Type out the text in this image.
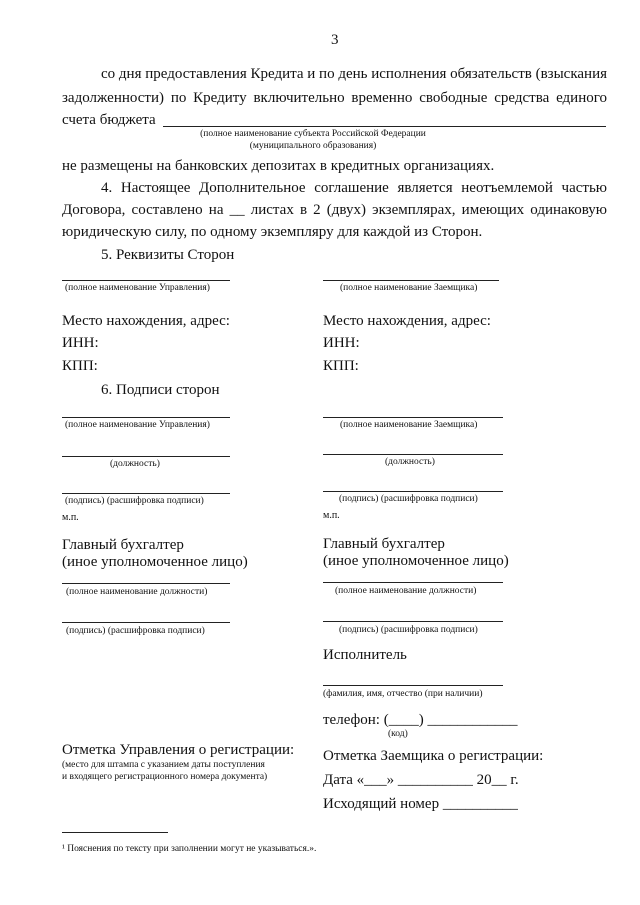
3
со дня предоставления Кредита и по день исполнения обязательств (взыскания
задолженности) по Кредиту включительно временно свободные средства единого
счета бюджета
(полное наименование субъекта Российской Федерации
(муниципального образования)
не размещены на банковских депозитах в кредитных организациях.
4. Настоящее Дополнительное соглашение является неотъемлемой частью
Договора, составлено на __ листах в 2 (двух) экземплярах, имеющих одинаковую
юридическую силу, по одному экземпляру для каждой из Сторон.
5. Реквизиты Сторон
(полное наименование Управления)	(полное наименование Заемщика)
Место нахождения, адрес:	Место нахождения, адрес:
ИНН:	ИНН:
КПП:	КПП:
6. Подписи сторон
(полное наименование Управления)	(полное наименование Заемщика)
(должность)	(должность)
(подпись) (расшифровка подписи)	(подпись) (расшифровка подписи)
м.п.	м.п.
Главный бухгалтер	Главный бухгалтер
(иное уполномоченное лицо)	(иное уполномоченное лицо)
(полное наименование должности)	(полное наименование должности)
(подпись) (расшифровка подписи)	(подпись) (расшифровка подписи)
Исполнитель
(фамилия, имя, отчество (при наличии)
телефон: (____) ____________
(код)
Отметка Управления о регистрации:
(место для штампа с указанием даты поступления
и входящего регистрационного номера документа)
Отметка Заемщика о регистрации:
Дата «___» __________ 20__ г.
Исходящий номер __________
¹ Пояснения по тексту при заполнении могут не указываться.».
